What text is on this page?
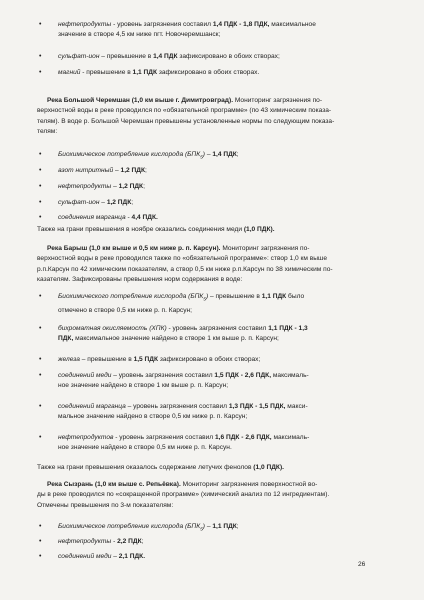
•	нефтепродукты - уровень загрязнения составил 1,4 ПДК - 1,8 ПДК, максимальное
значение в створе 4,5 км ниже пгт. Новочеремшанск;
•	сульфат-ион – превышение в 1,4 ПДК зафиксировано в обоих створах;
•	магний - превышение в 1,1 ПДК зафиксировано в обоих створах.
Река Большой Черемшан (1,0 км выше г. Димитровград). Мониторинг загрязнения по-
верхностной воды в реке проводился по «обязательной программе» (по 43 химическим показа-
телям). В воде р. Большой Черемшан превышены установленные нормы по следующим показа-
телям:
•	Биохимическое потребление кислорода $(БПК_5) - 1,4$ ПДК;
•	азот нитритный – 1,2 ПДК;
•	нефтепродукты – 1,2 ПДК;
•	сульфат-ион – 1,2 ПДК;
•	соединения марганца - 4,4 ПДК.
Также на грани превышения в ноябре оказались соединения меди (1,0 ПДК).
Река Барыш (1,0 км выше и 0,5 км ниже р. п. Карсун). Мониторинг загрязнения по-
верхностной воды в реке проводился также по «обязательной программе»: створ 1,0 км выше
р.п.Карсун по 42 химическим показателям, а створ 0,5 км ниже р.п.Карсун по 38 химическим по-
казателям. Зафиксированы превышения норм содержания в воде:
•	Биохимического потребление кислорода $(БПК_5)$ – превышение в 1,1 ПДК было
отмечено в створе 0,5 км ниже р. п. Карсун;
•	бихроматная окисляемость (ХПК) - уровень загрязнения составил 1,1 ПДК - 1,3
ПДК, максимальное значение найдено в створе 1 км выше р. п. Карсун;
•	железа – превышение в 1,5 ПДК зафиксировано в обоих створах;
•	соединений меди – уровень загрязнения составил 1,5 ПДК - 2,6 ПДК, максималь-
ное значение найдено в створе 1 км выше р. п. Карсун;
•	соединений марганца – уровень загрязнения составил 1,3 ПДК - 1,5 ПДК, макси-
мальное значение найдено в створе 0,5 км ниже р. п. Карсун;
•	нефтепродуктов - уровень загрязнения составил 1,6 ПДК - 2,6 ПДК, максималь-
ное значение найдено в створе 0,5 км ниже р. п. Карсун.
Также на грани превышения оказалось содержание летучих фенолов (1,0 ПДК).
Река Сызрань (1,0 км выше с. Репьёвка). Мониторинг загрязнения поверхностной во-
ды в реке проводился по «сокращенной программе» (химический анализ по 12 ингредиентам).
Отмечены превышения по 3-м показателям:
•	Биохимическое потребление кислорода $(БПК_5) - 1,1$ ПДК;
•	нефтепродукты - 2,2 ПДК;
•	соединений меди – 2,1 ПДК.
26
